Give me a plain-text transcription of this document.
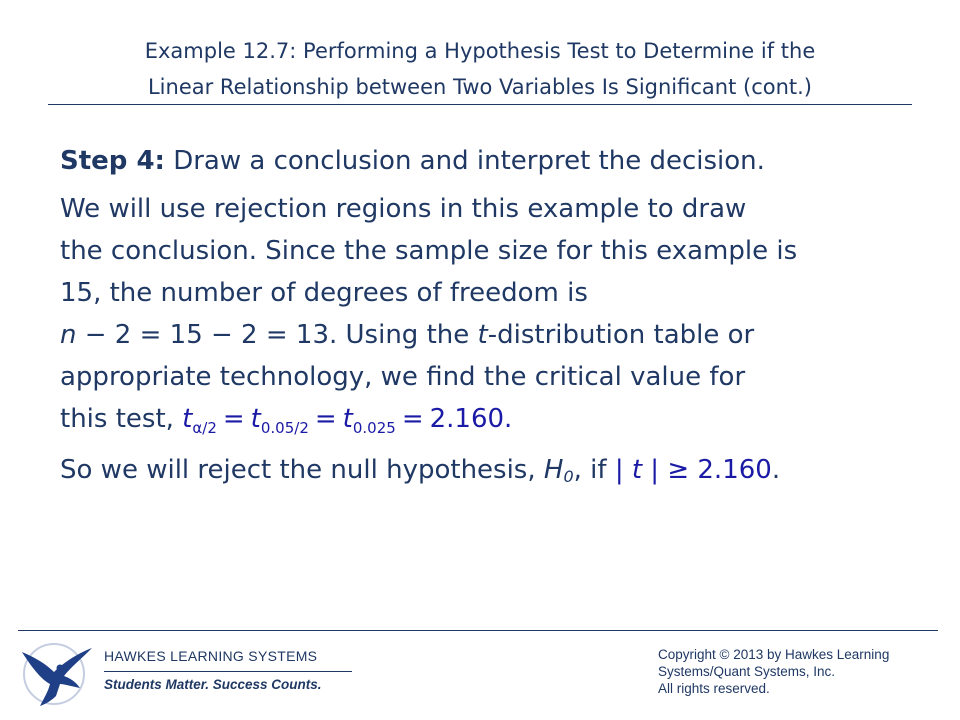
Example 12.7: Performing a Hypothesis Test to Determine if the
Linear Relationship between Two Variables Is Significant (cont.)
Step 4: Draw a conclusion and interpret the decision.
We will use rejection regions in this example to draw
the conclusion. Since the sample size for this example is
15, the number of degrees of freedom is
n − 2 = 15 − 2 = 13. Using the t-distribution table or
appropriate technology, we find the critical value for
this test, $t_{\alpha/2} = t_{0.05/2} = t_{0.025} = 2.160$.
So we will reject the null hypothesis, $H_0$, if | t | ≥ 2.160.
HAWKES LEARNING SYSTEMS
Students Matter. Success Counts.
Copyright © 2013 by Hawkes Learning
Systems/Quant Systems, Inc.
All rights reserved.
